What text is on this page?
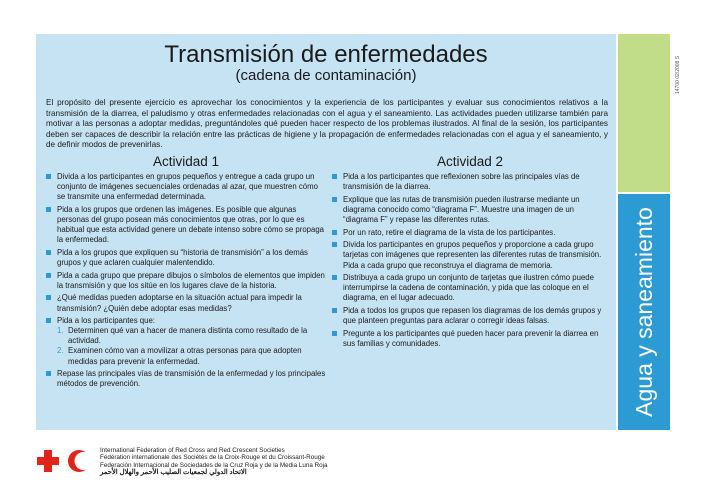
Transmisión de enfermedades
(cadena de contaminación)
El propósito del presente ejercicio es aprovechar los conocimientos y la experiencia de los participantes y evaluar sus conocimientos relativos a la transmisión de la diarrea, el paludismo y otras enfermedades relacionadas con el agua y el saneamiento. Las actividades pueden utilizarse también para motivar a las personas a adoptar medidas, preguntándoles qué pueden hacer respecto de los problemas ilustrados. Al final de la sesión, los participantes deben ser capaces de describir la relación entre las prácticas de higiene y la propagación de enfermedades relacionadas con el agua y el saneamiento, y de definir modos de prevenirlas.
Actividad 1	Actividad 2
Divida a los participantes en grupos pequeños y entregue a cada grupo un conjunto de imágenes secuenciales ordenadas al azar, que muestren cómo se transmite una enfermedad determinada.
Pida a los grupos que ordenen las imágenes. Es posible que algunas personas del grupo posean más conocimientos que otras, por lo que es habitual que esta actividad genere un debate intenso sobre cómo se propaga la enfermedad.
Pida a los grupos que expliquen su “historia de transmisión” a los demás grupos y que aclaren cualquier malentendido.
Pida a cada grupo que prepare dibujos o símbolos de elementos que impiden la transmisión y que los sitúe en los lugares clave de la historia.
¿Qué medidas pueden adoptarse en la situación actual para impedir la transmisión? ¿Quién debe adoptar esas medidas?
Pida a los participantes que:
1. Determinen qué van a hacer de manera distinta como resultado de la actividad.
2. Examinen cómo van a movilizar a otras personas para que adopten medidas para prevenir la enfermedad.
Repase las principales vías de transmisión de la enfermedad y los principales métodos de prevención.
Pida a los participantes que reflexionen sobre las principales vías de transmisión de la diarrea.
Explique que las rutas de transmisión pueden ilustrarse mediante un diagrama conocido como “diagrama F”. Muestre una imagen de un “diagrama F” y repase las diferentes rutas.
Por un rato, retire el diagrama de la vista de los participantes.
Divida los participantes en grupos pequeños y proporcione a cada grupo tarjetas con imágenes que representen las diferentes rutas de transmisión. Pida a cada grupo que reconstruya el diagrama de memoria.
Distribuya a cada grupo un conjunto de tarjetas que ilustren cómo puede interrumpirse la cadena de contaminación, y pida que las coloque en el diagrama, en el lugar adecuado.
Pida a todos los grupos que repasen los diagramas de los demás grupos y que planteen preguntas para aclarar o corregir ideas falsas.
Pregunte a los participantes qué pueden hacer para prevenir la diarrea en sus familias y comunidades.	Agua y saneamiento
14700 02/2008 S
International Federation of Red Cross and Red Crescent Societies
Fédération internationale des Sociétés de la Croix-Rouge et du Croissant-Rouge
Federación Internacional de Sociedades de la Cruz Roja y de la Media Luna Roja
الاتحاد الدولي لجمعيات الصليب الأحمر والهلال الأحمر
